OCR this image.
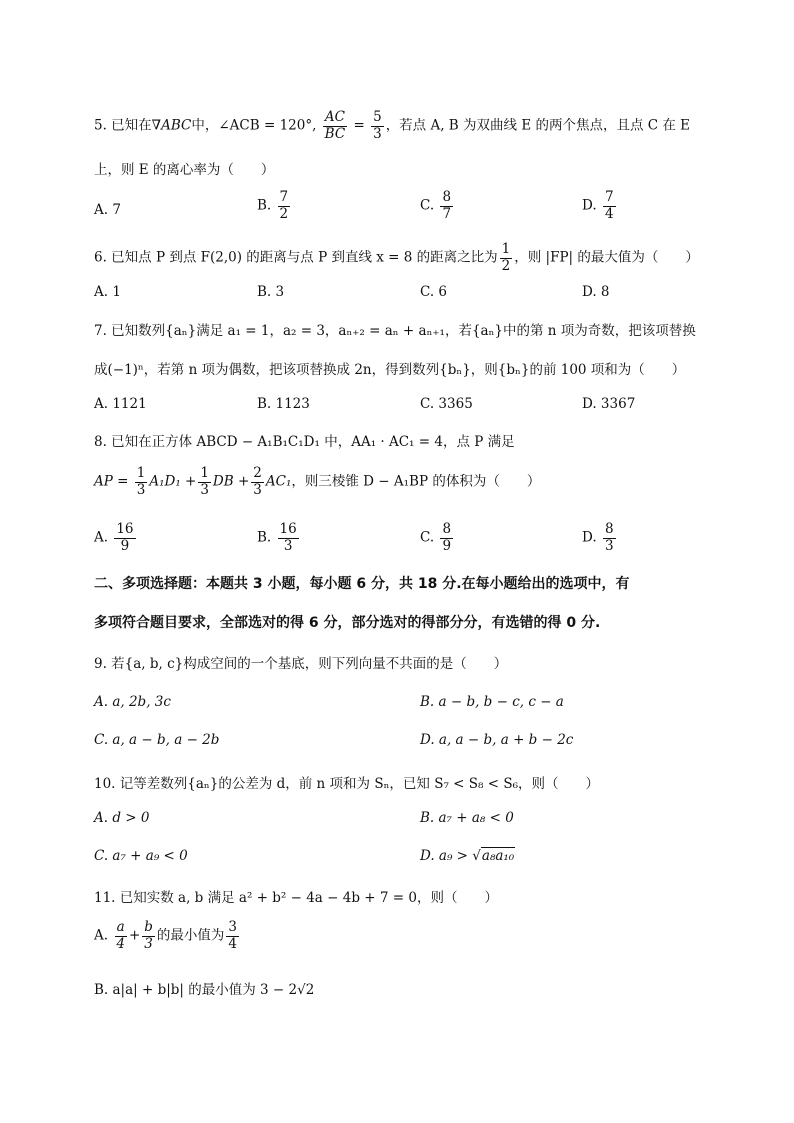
5. 已知在∇ABC中，∠ACB = 120°, $\frac{AC}{BC} = \frac{5}{3}$ ，若点 A, B 为双曲线 E 的两个焦点，且点 C 在 E
上，则 E 的离心率为（　　）
A. 7	B. $\frac{7}{2}$	C. $\frac{8}{7}$	D. $\frac{7}{4}$
6. 已知点 P 到点 F(2,0) 的距离与点 P 到直线 x = 8 的距离之比为 $\frac{1}{2}$ ，则 |FP| 的最大值为（　　）
A. 1	B. 3	C. 6	D. 8
7. 已知数列{aₙ}满足 a₁ = 1，a₂ = 3，aₙ₊₂ = aₙ + aₙ₊₁，若{aₙ}中的第 n 项为奇数，把该项替换
成(−1)ⁿ，若第 n 项为偶数，把该项替换成 2n，得到数列{bₙ}，则{bₙ}的前 100 项和为（　　）
A. 1121	B. 1123	C. 3365	D. 3367
8. 已知在正方体 ABCD − A₁B₁C₁D₁ 中，AA₁ · AC₁ = 4，点 P 满足
AP = $\frac{1}{3} A_1D_1 + \frac{1}{3}$ DB + $\frac{2}{3} AC_1$，则三棱锥 D − A₁BP 的体积为（　　）
A. $\frac{16}{9}$	B. $\frac{16}{3}$	C. $\frac{8}{9}$	D. $\frac{8}{3}$
二、多项选择题：本题共 3 小题，每小题 6 分，共 18 分.在每小题给出的选项中，有
多项符合题目要求，全部选对的得 6 分，部分选对的得部分分，有选错的得 0 分.
9. 若{a, b, c}构成空间的一个基底，则下列向量不共面的是（　　）
A. a, 2b, 3c	B. a − b, b − c, c − a
C. a, a − b, a − 2b	D. a, a − b, a + b − 2c
10. 记等差数列{aₙ}的公差为 d，前 n 项和为 Sₙ，已知 S₇ < S₈ < S₆，则（　　）
A. d > 0	B. a₇ + a₈ < 0
C. a₇ + a₉ < 0	D. a₉ > √a₈a₁₀
11. 已知实数 a, b 满足 a² + b² − 4a − 4b + 7 = 0，则（　　）
A. $\frac{a}{4} + \frac{b}{3}$ 的最小值为 $\frac{3}{4}$
B. a|a| + b|b| 的最小值为 3 − 2√2
